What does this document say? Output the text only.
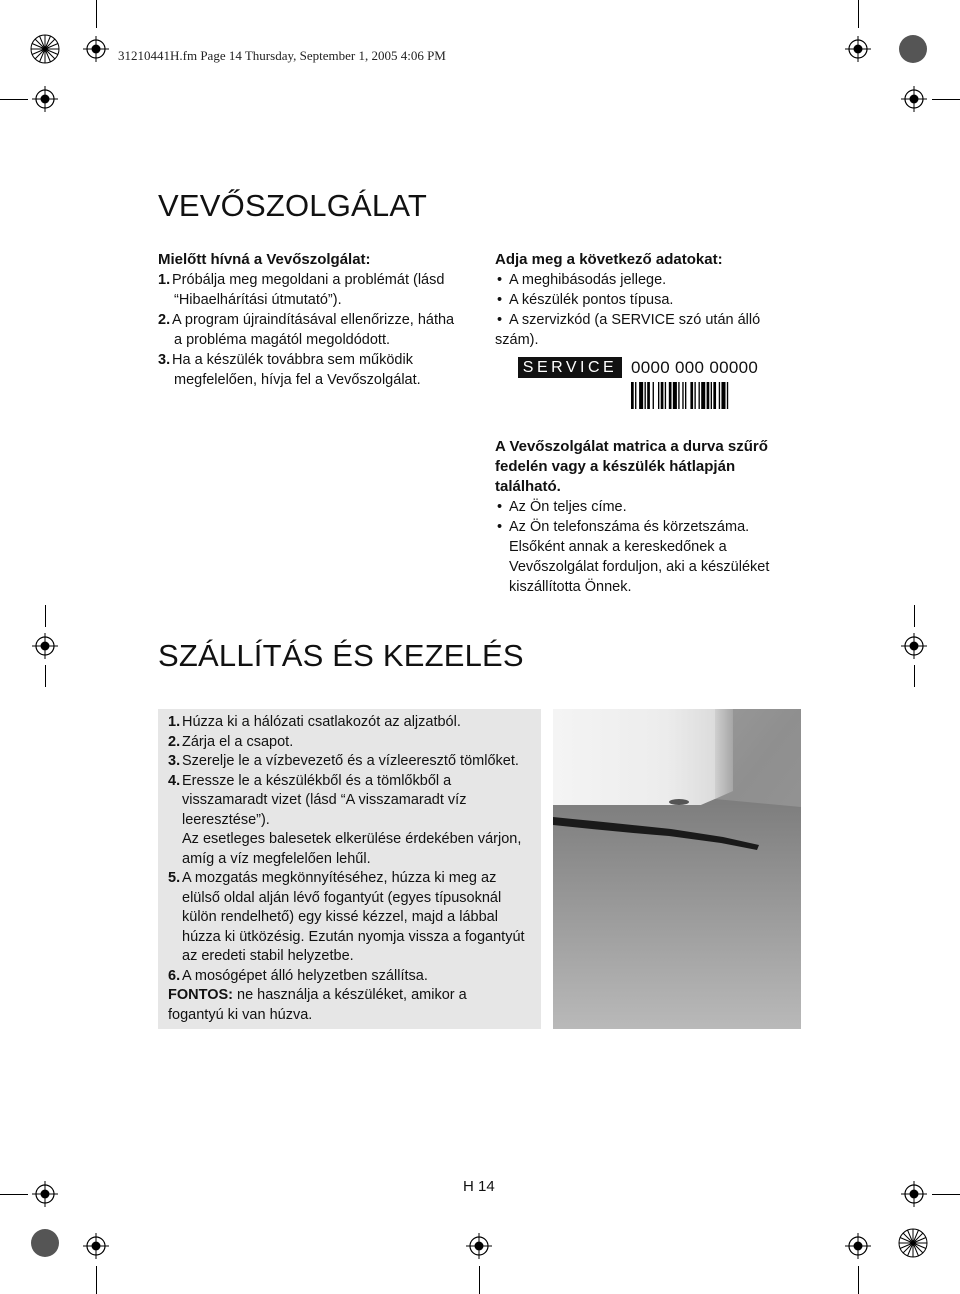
31210441H.fm Page 14 Thursday, September 1, 2005 4:06 PM
VEVŐSZOLGÁLAT
Mielőtt hívná a Vevőszolgálat:
1. Próbálja meg megoldani a problémát (lásd
“Hibaelhárítási útmutató”).
2. A program újraindításával ellenőrizze, hátha
a probléma magától megoldódott.
3. Ha a készülék továbbra sem működik
megfelelően, hívja fel a Vevőszolgálat.
Adja meg a következő adatokat:
• A meghibásodás jellege.
• A készülék pontos típusa.
• A szervizkód (a SERVICE szó után álló
szám).
SERVICE 0000 000 00000
A Vevőszolgálat matrica a durva szűrő
fedelén vagy a készülék hátlapján
található.
• Az Ön teljes címe.
• Az Ön telefonszáma és körzetszáma.
Elsőként annak a kereskedőnek a
Vevőszolgálat forduljon, aki a készüléket
kiszállította Önnek.
SZÁLLÍTÁS ÉS KEZELÉS
1. Húzza ki a hálózati csatlakozót az aljzatból.
2. Zárja el a csapot.
3. Szerelje le a vízbevezető és a vízleeresztő tömlőket.
4. Eressze le a készülékből és a tömlőkből a
visszamaradt vizet (lásd “A visszamaradt víz
leeresztése”).
Az esetleges balesetek elkerülése érdekében várjon,
amíg a víz megfelelően lehűl.
5. A mozgatás megkönnyítéséhez, húzza ki meg az
elülső oldal alján lévő fogantyút (egyes típusoknál
külön rendelhető) egy kissé kézzel, majd a lábbal
húzza ki ütközésig. Ezután nyomja vissza a fogantyút
az eredeti stabil helyzetbe.
6. A mosógépet álló helyzetben szállítsa.
FONTOS: ne használja a készüléket, amikor a
fogantyú ki van húzva.
H 14
